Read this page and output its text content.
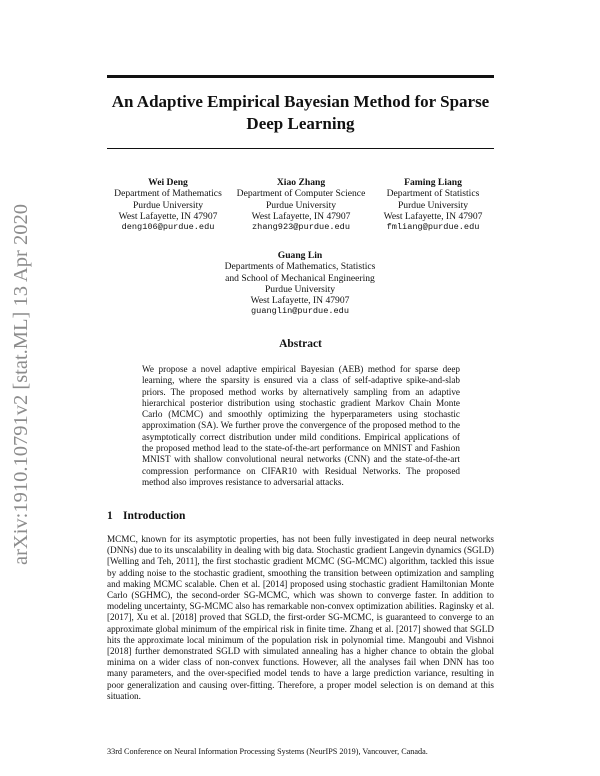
arXiv:1910.10791v2 [stat.ML] 13 Apr 2020
An Adaptive Empirical Bayesian Method for Sparse Deep Learning
Wei Deng
Department of Mathematics
Purdue University
West Lafayette, IN 47907
deng106@purdue.edu
Xiao Zhang
Department of Computer Science
Purdue University
West Lafayette, IN 47907
zhang923@purdue.edu
Faming Liang
Department of Statistics
Purdue University
West Lafayette, IN 47907
fmliang@purdue.edu
Guang Lin
Departments of Mathematics, Statistics
and School of Mechanical Engineering
Purdue University
West Lafayette, IN 47907
guanglin@purdue.edu
Abstract
We propose a novel adaptive empirical Bayesian (AEB) method for sparse deep learning, where the sparsity is ensured via a class of self-adaptive spike-and-slab priors. The proposed method works by alternatively sampling from an adaptive hierarchical posterior distribution using stochastic gradient Markov Chain Monte Carlo (MCMC) and smoothly optimizing the hyperparameters using stochastic approximation (SA). We further prove the convergence of the proposed method to the asymptotically correct distribution under mild conditions. Empirical applications of the proposed method lead to the state-of-the-art performance on MNIST and Fashion MNIST with shallow convolutional neural networks (CNN) and the state-of-the-art compression performance on CIFAR10 with Residual Networks. The proposed method also improves resistance to adversarial attacks.
1 Introduction
MCMC, known for its asymptotic properties, has not been fully investigated in deep neural networks (DNNs) due to its unscalability in dealing with big data. Stochastic gradient Langevin dynamics (SGLD) [Welling and Teh, 2011], the first stochastic gradient MCMC (SG-MCMC) algorithm, tackled this issue by adding noise to the stochastic gradient, smoothing the transition between optimization and sampling and making MCMC scalable. Chen et al. [2014] proposed using stochastic gradient Hamiltonian Monte Carlo (SGHMC), the second-order SG-MCMC, which was shown to converge faster. In addition to modeling uncertainty, SG-MCMC also has remarkable non-convex optimization abilities. Raginsky et al. [2017], Xu et al. [2018] proved that SGLD, the first-order SG-MCMC, is guaranteed to converge to an approximate global minimum of the empirical risk in finite time. Zhang et al. [2017] showed that SGLD hits the approximate local minimum of the population risk in polynomial time. Mangoubi and Vishnoi [2018] further demonstrated SGLD with simulated annealing has a higher chance to obtain the global minima on a wider class of non-convex functions. However, all the analyses fail when DNN has too many parameters, and the over-specified model tends to have a large prediction variance, resulting in poor generalization and causing over-fitting. Therefore, a proper model selection is on demand at this situation.
33rd Conference on Neural Information Processing Systems (NeurIPS 2019), Vancouver, Canada.
